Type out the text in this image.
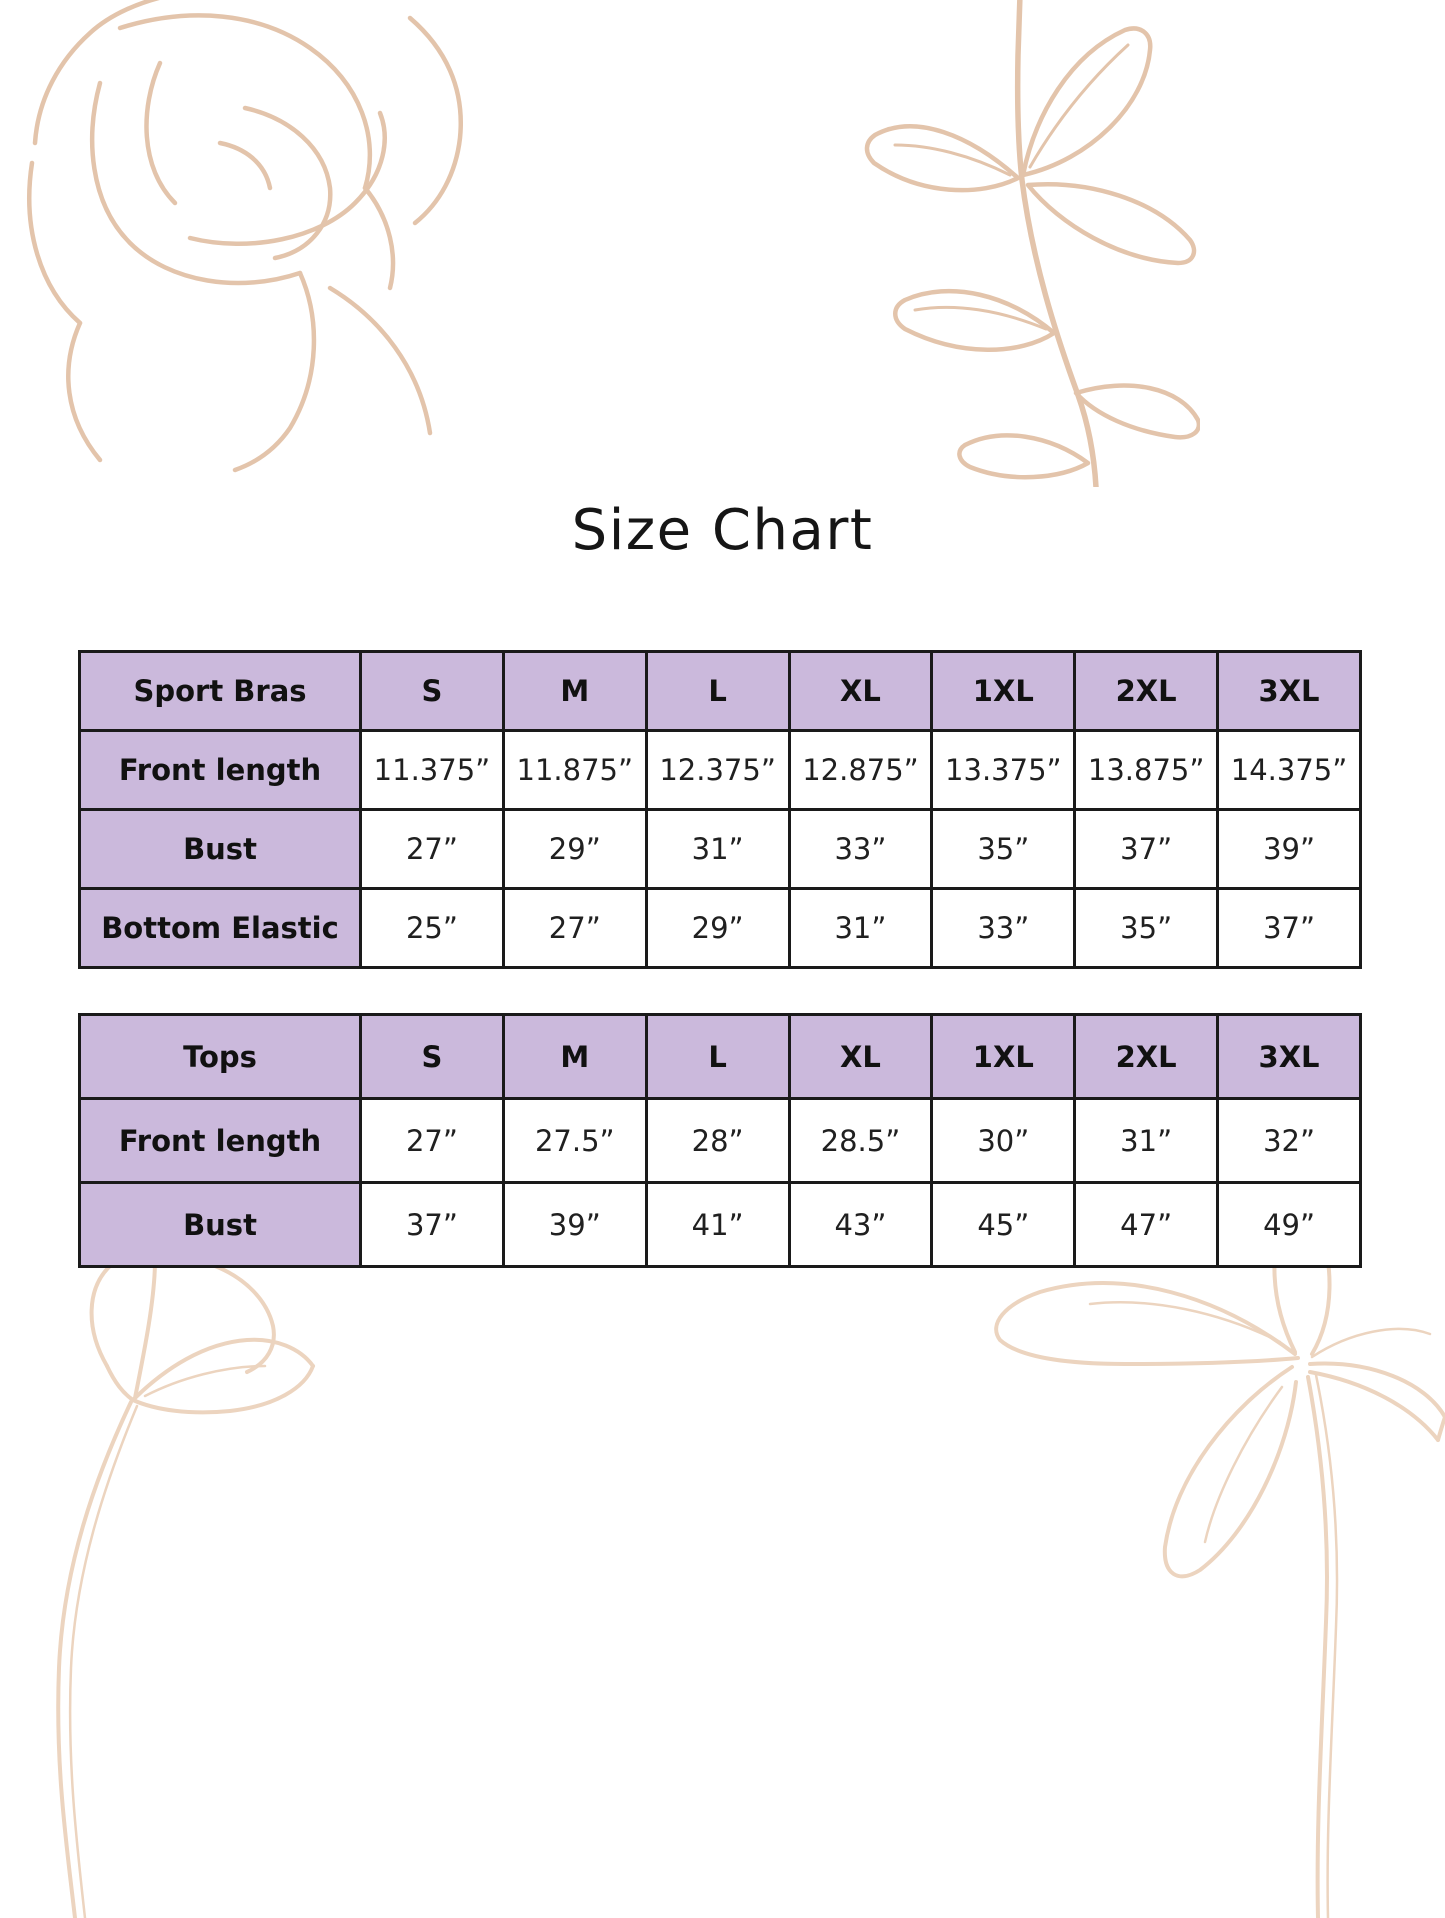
Size Chart
Sport Bras	S	M	L	XL	1XL	2XL	3XL
Front length	11.375”	11.875”	12.375”	12.875”	13.375”	13.875”	14.375”
Bust	27”	29”	31”	33”	35”	37”	39”
Bottom Elastic	25”	27”	29”	31”	33”	35”	37”
Tops	S	M	L	XL	1XL	2XL	3XL
Front length	27”	27.5”	28”	28.5”	30”	31”	32”
Bust	37”	39”	41”	43”	45”	47”	49”
